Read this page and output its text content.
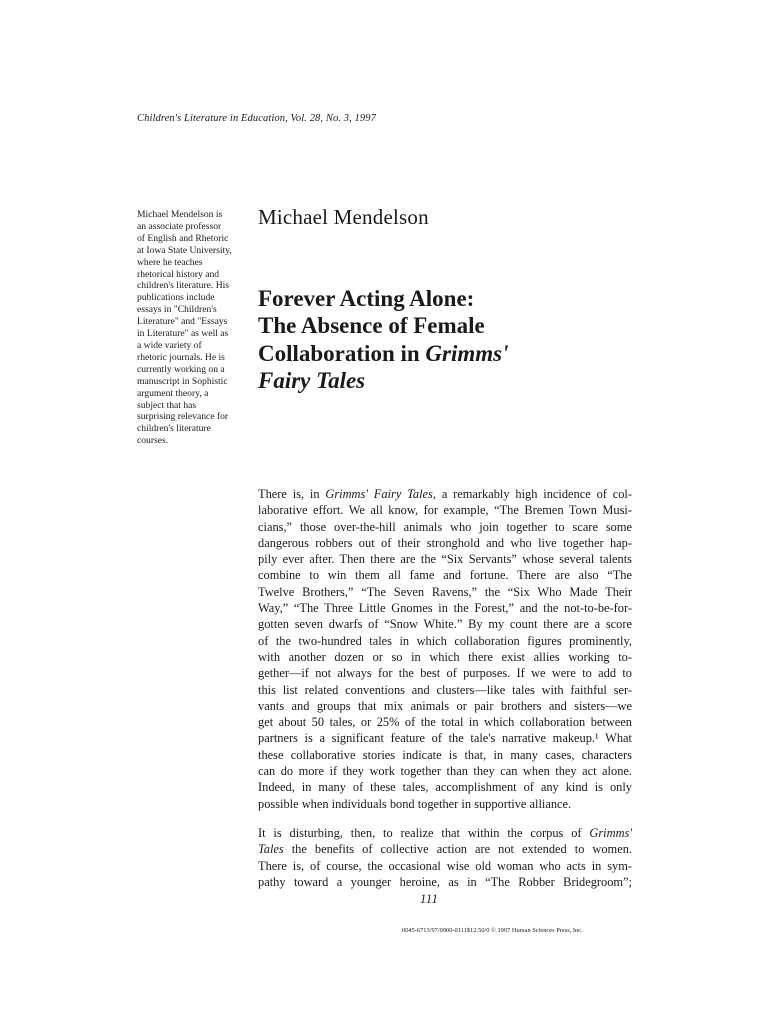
Children's Literature in Education, Vol. 28, No. 3, 1997
Michael Mendelson is
an associate professor
of English and Rhetoric
at Iowa State University,
where he teaches
rhetorical history and
children's literature. His
publications include
essays in "Children's
Literature" and "Essays
in Literature" as well as
a wide variety of
rhetoric journals. He is
currently working on a
manuscript in Sophistic
argument theory, a
subject that has
surprising relevance for
children's literature
courses.
Michael Mendelson
Forever Acting Alone:
The Absence of Female
Collaboration in Grimms'
Fairy Tales
There is, in Grimms' Fairy Tales, a remarkably high incidence of col-
laborative effort. We all know, for example, “The Bremen Town Musi-
cians,” those over-the-hill animals who join together to scare some
dangerous robbers out of their stronghold and who live together hap-
pily ever after. Then there are the “Six Servants” whose several talents
combine to win them all fame and fortune. There are also “The
Twelve Brothers,” “The Seven Ravens,” the “Six Who Made Their
Way,” “The Three Little Gnomes in the Forest,” and the not-to-be-for-
gotten seven dwarfs of “Snow White.” By my count there are a score
of the two-hundred tales in which collaboration figures prominently,
with another dozen or so in which there exist allies working to-
gether—if not always for the best of purposes. If we were to add to
this list related conventions and clusters—like tales with faithful ser-
vants and groups that mix animals or pair brothers and sisters—we
get about 50 tales, or 25% of the total in which collaboration between
partners is a significant feature of the tale's narrative makeup.¹ What
these collaborative stories indicate is that, in many cases, characters
can do more if they work together than they can when they act alone.
Indeed, in many of these tales, accomplishment of any kind is only
possible when individuals bond together in supportive alliance.
It is disturbing, then, to realize that within the corpus of Grimms'
Tales the benefits of collective action are not extended to women.
There is, of course, the occasional wise old woman who acts in sym-
pathy toward a younger heroine, as in “The Robber Bridegroom”;
111
0045-6713/97/0900-0111$12.50/0 © 1997 Human Sciences Press, Inc.
